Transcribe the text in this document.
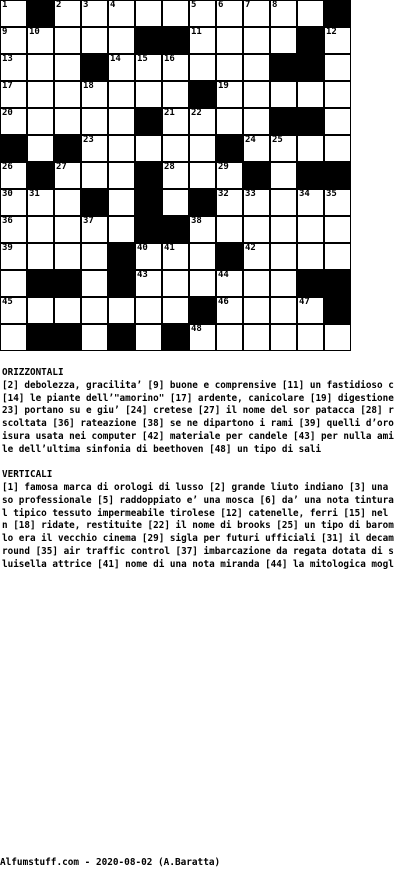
1	2 3 4	5 6 7 8
9 10	11	12
13	14 15 16
17	18	19
20	21 22
23	24 25
26	27	28	29
30 31	32 33	34 35
36	37	38
39	40 41	42
43	44
45	46	47
48
ORIZZONTALI
[2] debolezza, gracilita’ [9] buone e comprensive [11] un fastidioso c
[14] le piante dell’"amorino" [17] ardente, canicolare [19] digestione
23] portano su e giu’ [24] cretese [27] il nome del sor patacca [28] r
scoltata [36] rateazione [38] se ne dipartono i rami [39] quelli d’oro
isura usata nei computer [42] materiale per candele [43] per nulla ami
le dell’ultima sinfonia di beethoven [48] un tipo di sali
VERTICALI
[1] famosa marca di orologi di lusso [2] grande liuto indiano [3] una
so professionale [5] raddoppiato e’ una mosca [6] da’ una nota tintura
l tipico tessuto impermeabile tirolese [12] catenelle, ferri [15] nel
n [18] ridate, restituite [22] il nome di brooks [25] un tipo di barom
lo era il vecchio cinema [29] sigla per futuri ufficiali [31] il decam
round [35] air traffic control [37] imbarcazione da regata dotata di s
luisella attrice [41] nome di una nota miranda [44] la mitologica mogl
Alfumstuff.com - 2020-08-02 (A.Baratta)
